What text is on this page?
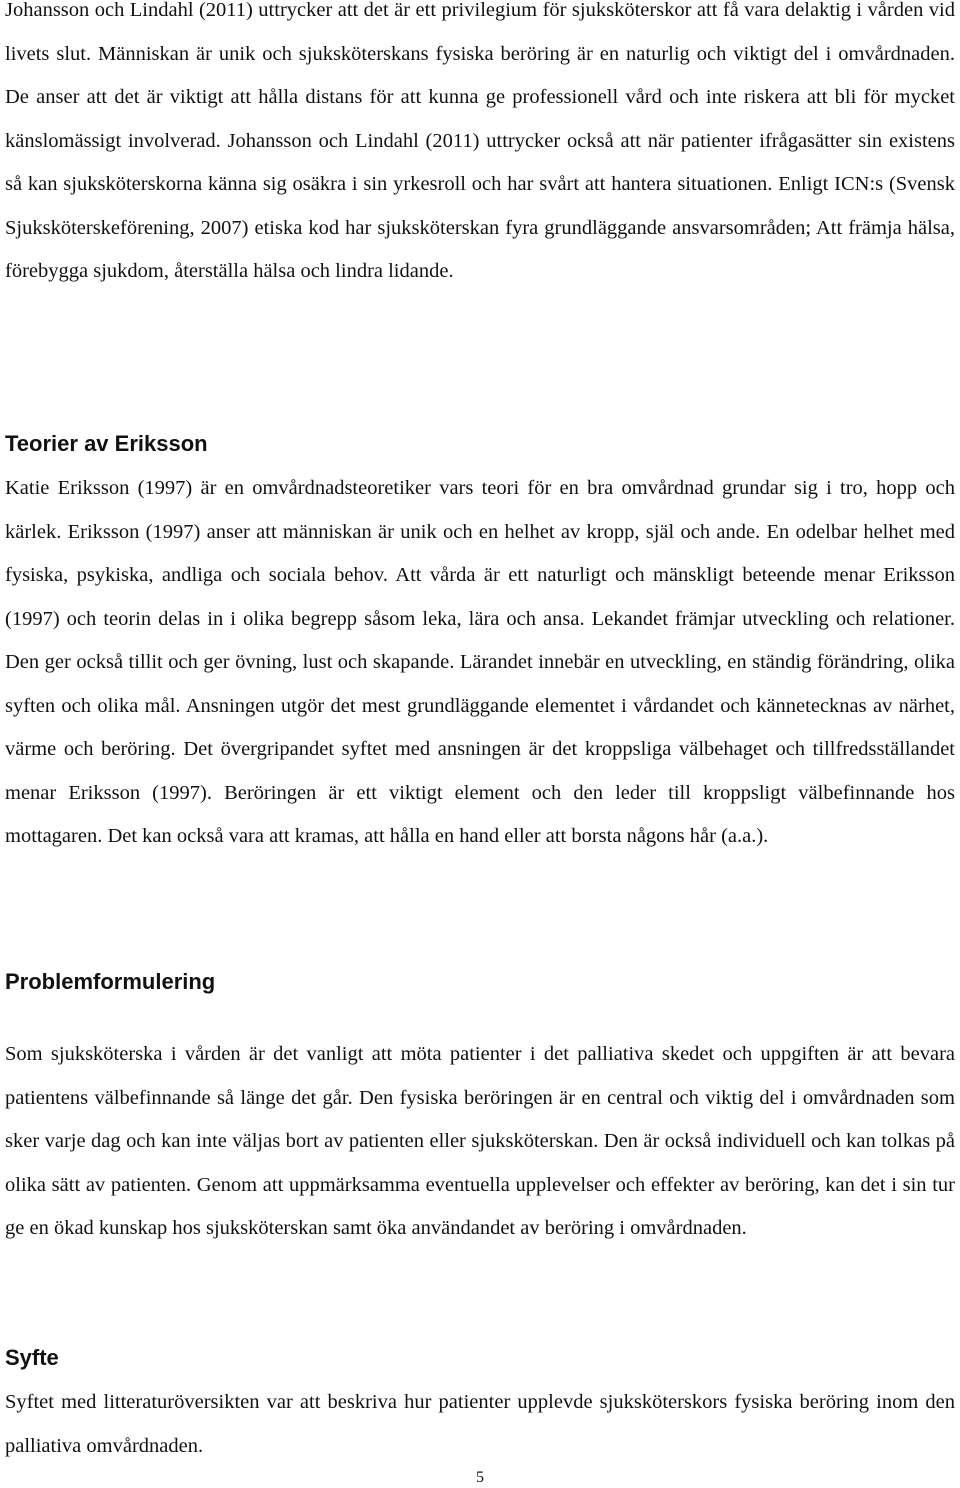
Johansson och Lindahl (2011) uttrycker att det är ett privilegium för sjuksköterskor att få vara delaktig i vården vid livets slut. Människan är unik och sjuksköterskans fysiska beröring är en naturlig och viktigt del i omvårdnaden. De anser att det är viktigt att hålla distans för att kunna ge professionell vård och inte riskera att bli för mycket känslomässigt involverad. Johansson och Lindahl (2011) uttrycker också att när patienter ifrågasätter sin existens så kan sjuksköterskorna känna sig osäkra i sin yrkesroll och har svårt att hantera situationen. Enligt ICN:s (Svensk Sjuksköterskeförening, 2007) etiska kod har sjuksköterskan fyra grundläggande ansvarsområden; Att främja hälsa, förebygga sjukdom, återställa hälsa och lindra lidande.

Teorier av Eriksson

Katie Eriksson (1997) är en omvårdnadsteoretiker vars teori för en bra omvårdnad grundar sig i tro, hopp och kärlek. Eriksson (1997) anser att människan är unik och en helhet av kropp, själ och ande. En odelbar helhet med fysiska, psykiska, andliga och sociala behov. Att vårda är ett naturligt och mänskligt beteende menar Eriksson (1997) och teorin delas in i olika begrepp såsom leka, lära och ansa. Lekandet främjar utveckling och relationer. Den ger också tillit och ger övning, lust och skapande. Lärandet innebär en utveckling, en ständig förändring, olika syften och olika mål. Ansningen utgör det mest grundläggande elementet i vårdandet och kännetecknas av närhet, värme och beröring. Det övergripandet syftet med ansningen är det kroppsliga välbehaget och tillfredsställandet menar Eriksson (1997). Beröringen är ett viktigt element och den leder till kroppsligt välbefinnande hos mottagaren. Det kan också vara att kramas, att hålla en hand eller att borsta någons hår (a.a.).

Problemformulering

Som sjuksköterska i vården är det vanligt att möta patienter i det palliativa skedet och uppgiften är att bevara patientens välbefinnande så länge det går. Den fysiska beröringen är en central och viktig del i omvårdnaden som sker varje dag och kan inte väljas bort av patienten eller sjuksköterskan. Den är också individuell och kan tolkas på olika sätt av patienten. Genom att uppmärksamma eventuella upplevelser och effekter av beröring, kan det i sin tur ge en ökad kunskap hos sjuksköterskan samt öka användandet av beröring i omvårdnaden.

Syfte

Syftet med litteraturöversikten var att beskriva hur patienter upplevde sjuksköterskors fysiska beröring inom den palliativa omvårdnaden.

5
